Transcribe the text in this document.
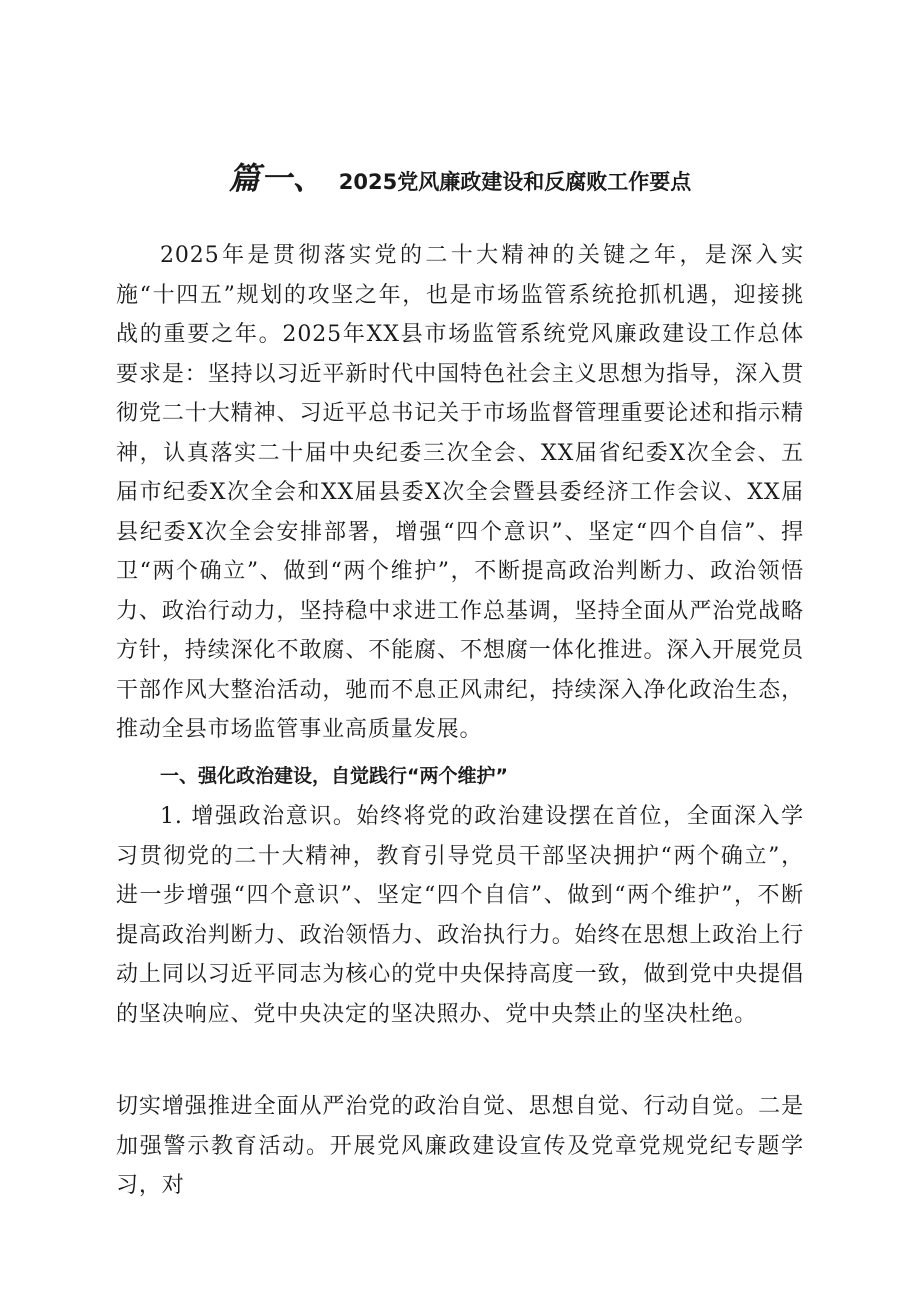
篇一、 2025党风廉政建设和反腐败工作要点

2025年是贯彻落实党的二十大精神的关键之年，是深入实施“十四五”规划的攻坚之年，也是市场监管系统抢抓机遇，迎接挑战的重要之年。2025年XX县市场监管系统党风廉政建设工作总体要求是：坚持以习近平新时代中国特色社会主义思想为指导，深入贯彻党二十大精神、习近平总书记关于市场监督管理重要论述和指示精神，认真落实二十届中央纪委三次全会、XX届省纪委X次全会、五届市纪委X次全会和XX届县委X次全会暨县委经济工作会议、XX届县纪委X次全会安排部署，增强“四个意识”、坚定“四个自信”、捍卫“两个确立”、做到“两个维护”，不断提高政治判断力、政治领悟力、政治行动力，坚持稳中求进工作总基调，坚持全面从严治党战略方针，持续深化不敢腐、不能腐、不想腐一体化推进。深入开展党员干部作风大整治活动，驰而不息正风肃纪，持续深入净化政治生态，推动全县市场监管事业高质量发展。

一、强化政治建设，自觉践行“两个维护”

1. 增强政治意识。始终将党的政治建设摆在首位，全面深入学习贯彻党的二十大精神，教育引导党员干部坚决拥护“两个确立”，进一步增强“四个意识”、坚定“四个自信”、做到“两个维护”，不断提高政治判断力、政治领悟力、政治执行力。始终在思想上政治上行动上同以习近平同志为核心的党中央保持高度一致，做到党中央提倡的坚决响应、党中央决定的坚决照办、党中央禁止的坚决杜绝。

切实增强推进全面从严治党的政治自觉、思想自觉、行动自觉。二是加强警示教育活动。开展党风廉政建设宣传及党章党规党纪专题学习，对
